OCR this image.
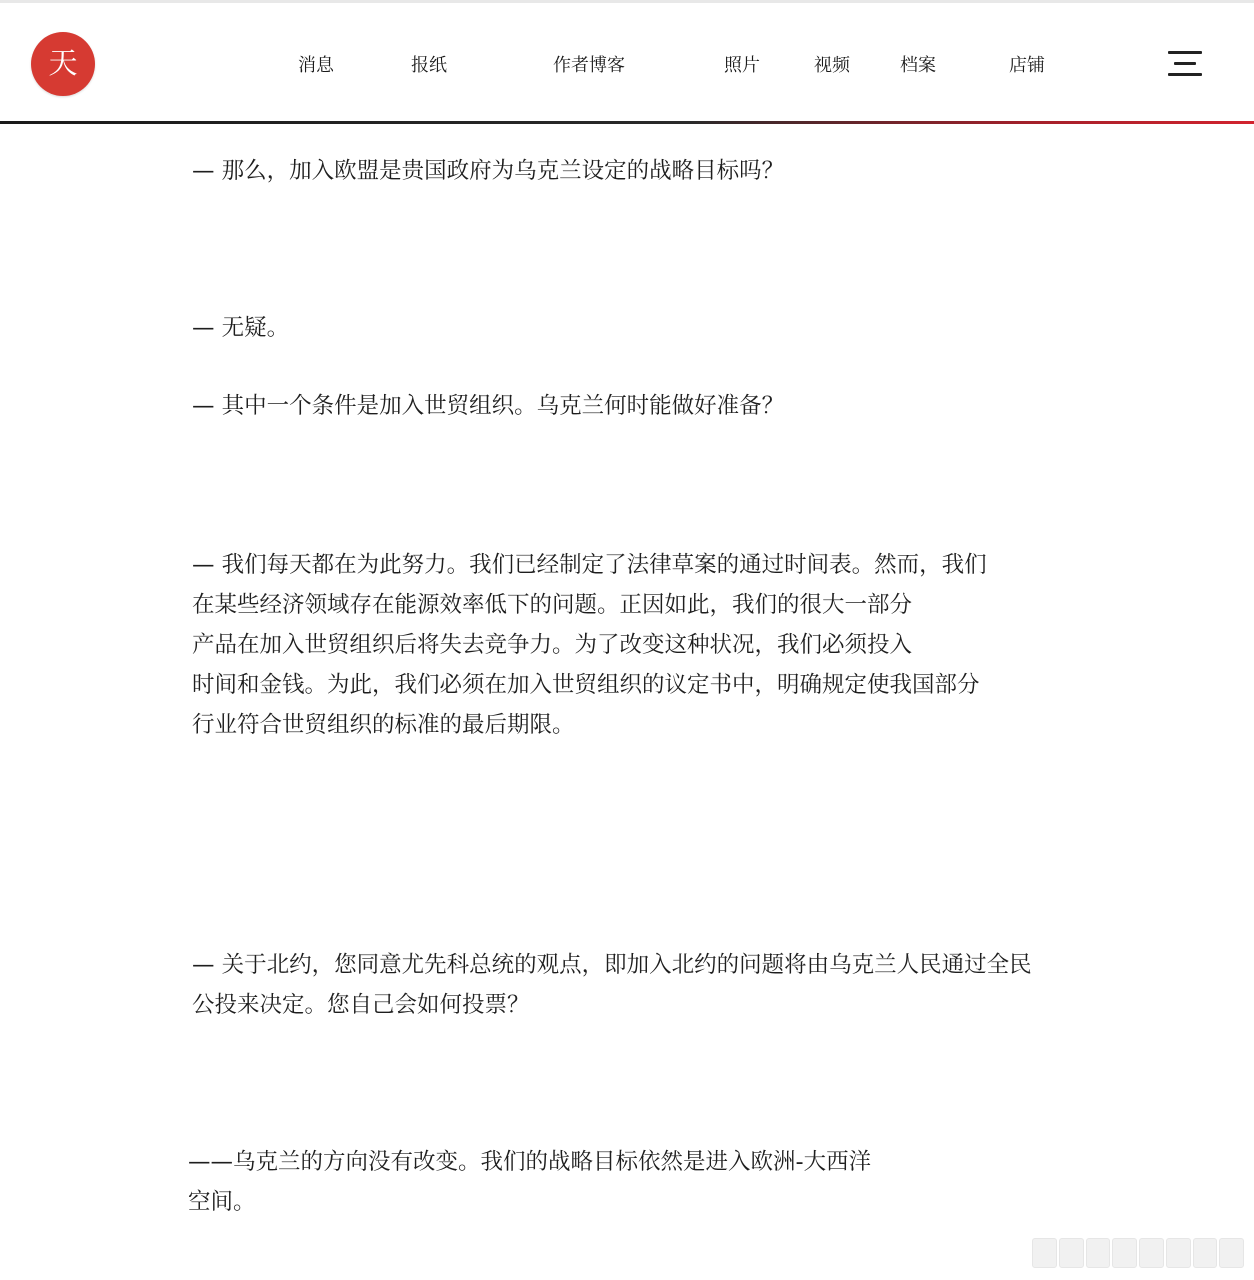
天	消息	报纸	作者博客	照片	视频	档案	店铺

— 那么，加入欧盟是贵国政府为乌克兰设定的战略目标吗？

— 无疑。

— 其中一个条件是加入世贸组织。乌克兰何时能做好准备？

— 我们每天都在为此努力。我们已经制定了法律草案的通过时间表。然而，我们
在某些经济领域存在能源效率低下的问题。正因如此，我们的很大一部分
产品在加入世贸组织后将失去竞争力。为了改变这种状况，我们必须投入
时间和金钱。为此，我们必须在加入世贸组织的议定书中，明确规定使我国部分
行业符合世贸组织的标准的最后期限。

— 关于北约，您同意尤先科总统的观点，即加入北约的问题将由乌克兰人民通过全民
公投来决定。您自己会如何投票？

——乌克兰的方向没有改变。我们的战略目标依然是进入欧洲-大西洋
空间。
